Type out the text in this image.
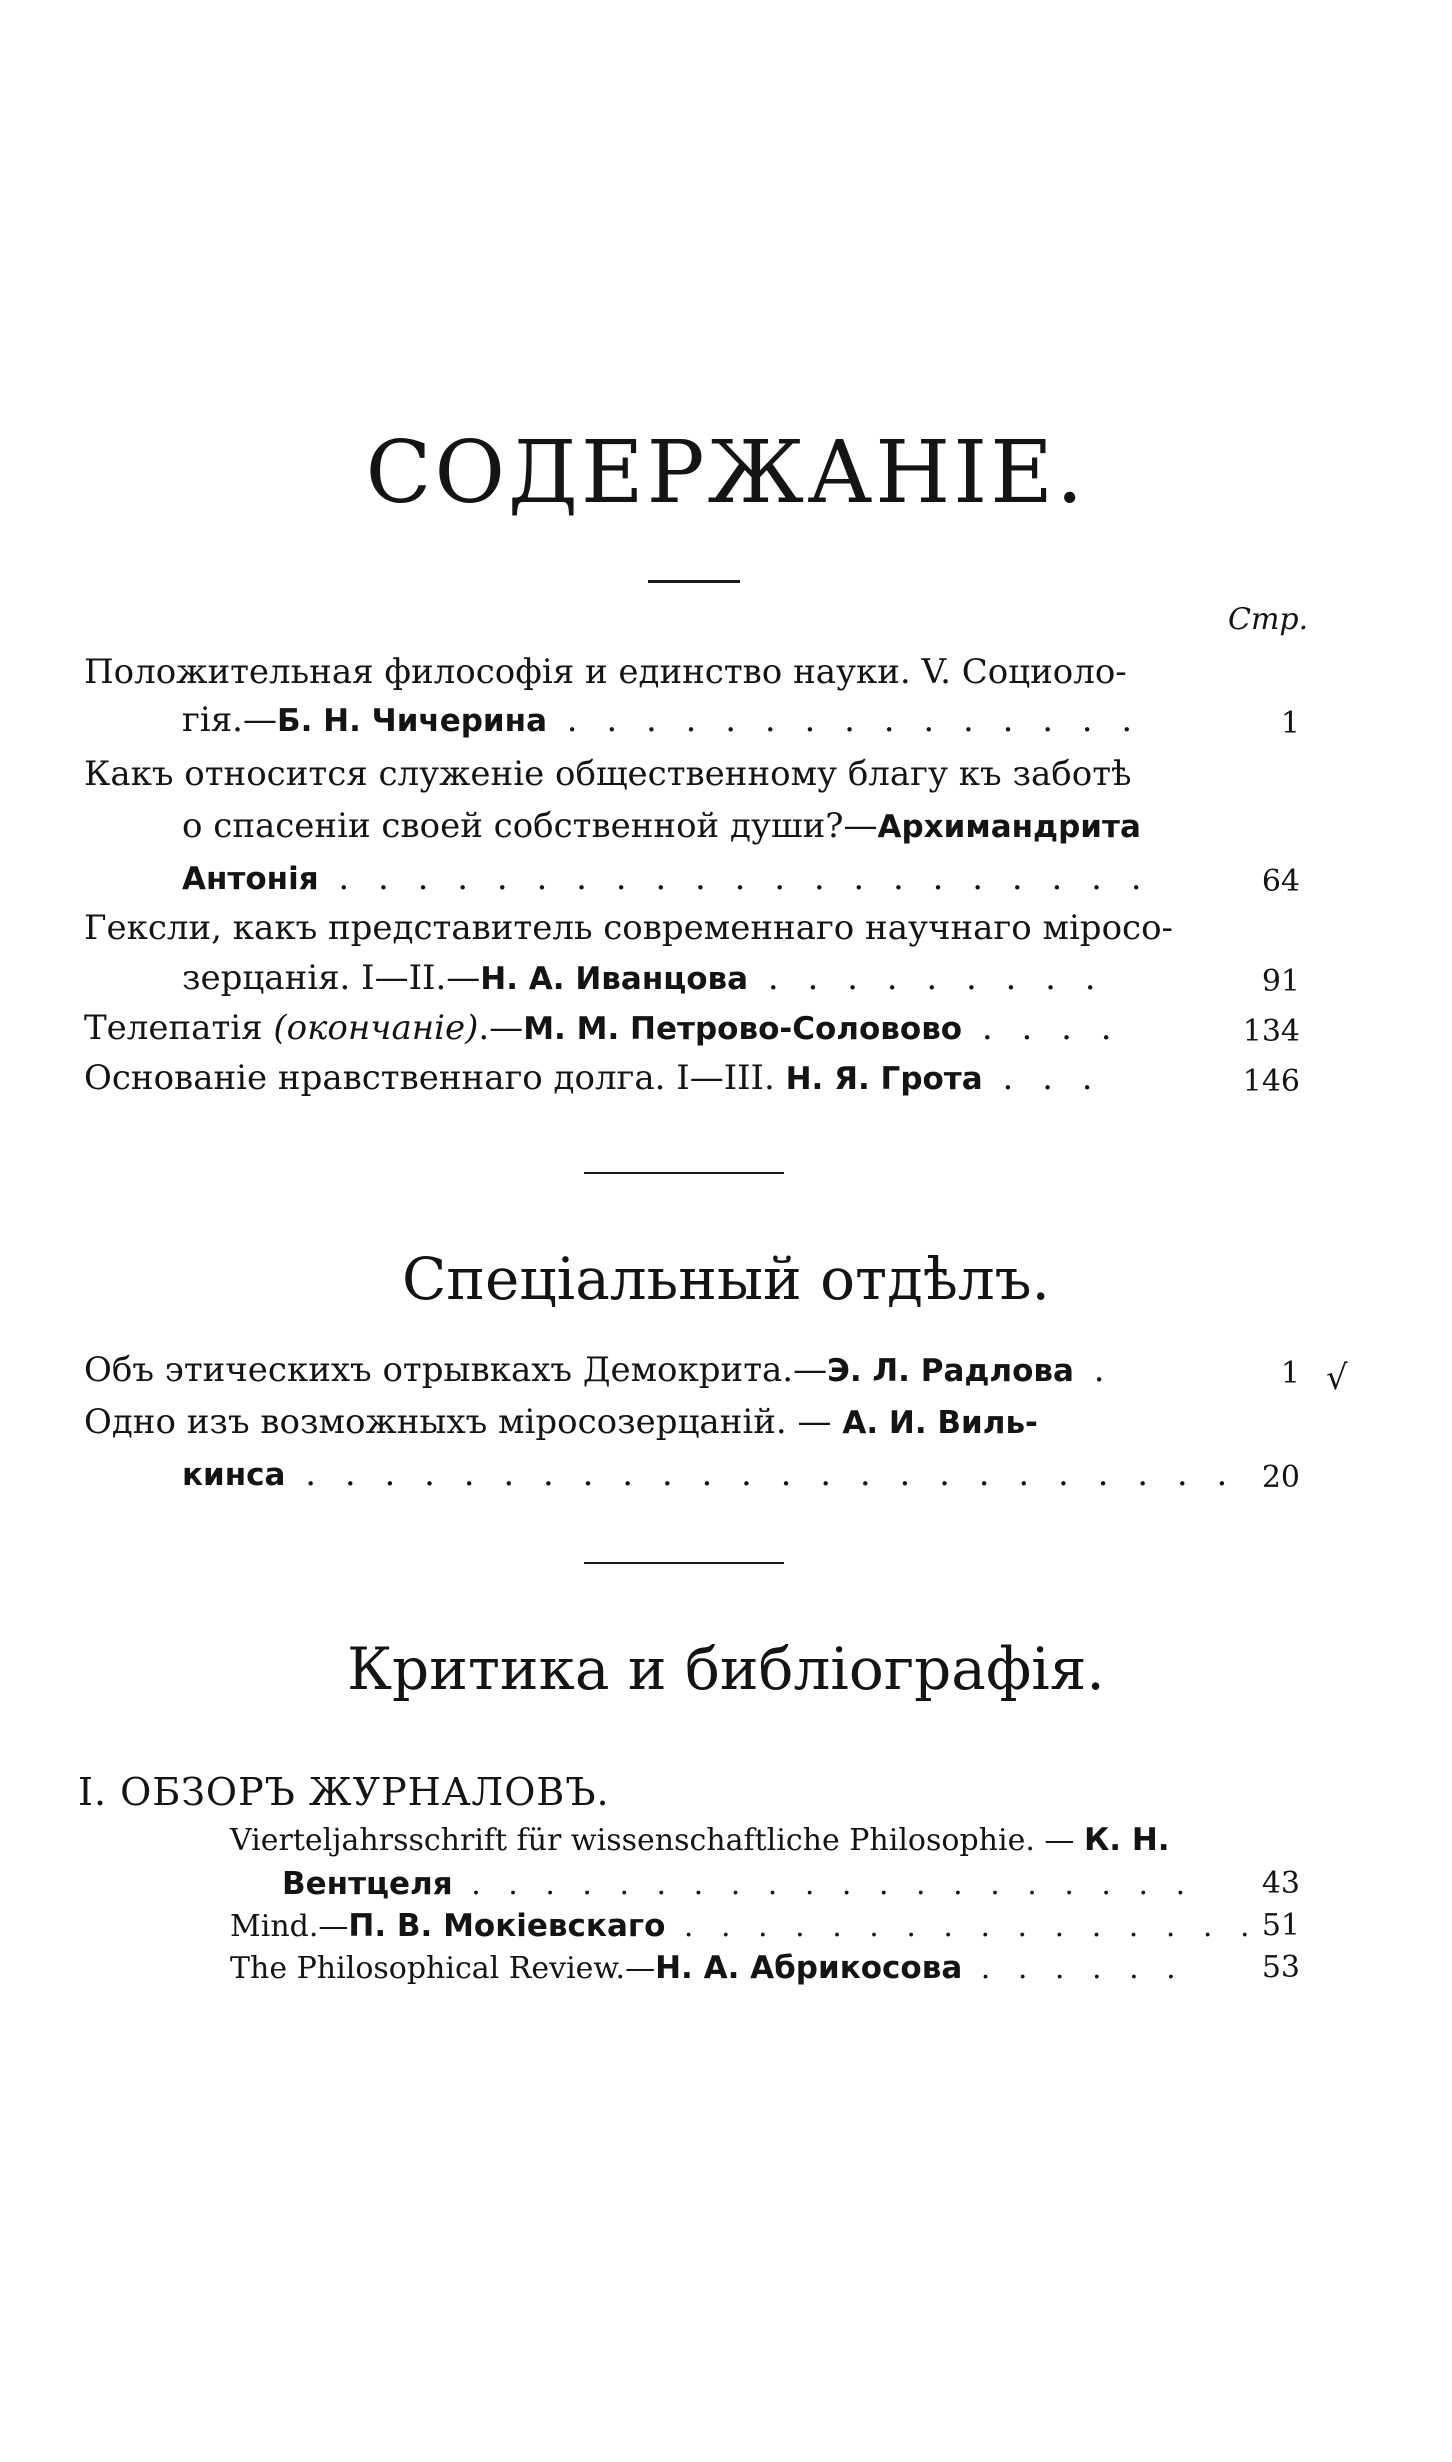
СОДЕРЖАНIЕ.
Стр.
Положительная философiя и единство науки. V. Социоло-
гiя.—Б. Н. Чичерина . . . . . . . . . . . . . . .	1
Какъ относится служенiе общественному благу къ заботѣ
о спасенiи своей собственной души?—Архимандрита
Антонiя . . . . . . . . . . . . . . . . . . . . .	64
Гексли, какъ представитель современнаго научнаго мiросо-
зерцанiя. I—II.—Н. А. Иванцова . . . . . . . . .	91
Телепатiя (окончанiе).—М. М. Петрово-Соловово . . . .	134
Основанiе нравственнаго долга. I—III. Н. Я. Грота . . .	146
Спецiальный отдѣлъ.
Объ этическихъ отрывкахъ Демокрита.—Э. Л. Радлова .	1 √
Одно изъ возможныхъ мiросозерцанiй. — А. И. Виль-
кинса . . . . . . . . . . . . . . . . . . . . . . . . 20
Критика и библiографiя.
I. ОБЗОРЪ ЖУРНАЛОВЪ.
Vierteljahrsschrift für wissenschaftliche Philosophie. — К. Н.
Вентцеля . . . . . . . . . . . . . . . . . . . .	43
Mind.—П. В. Мокiевскаго . . . . . . . . . . . . . . . . 51
The Philosophical Review.—Н. А. Абрикосова . . . . . .	53
